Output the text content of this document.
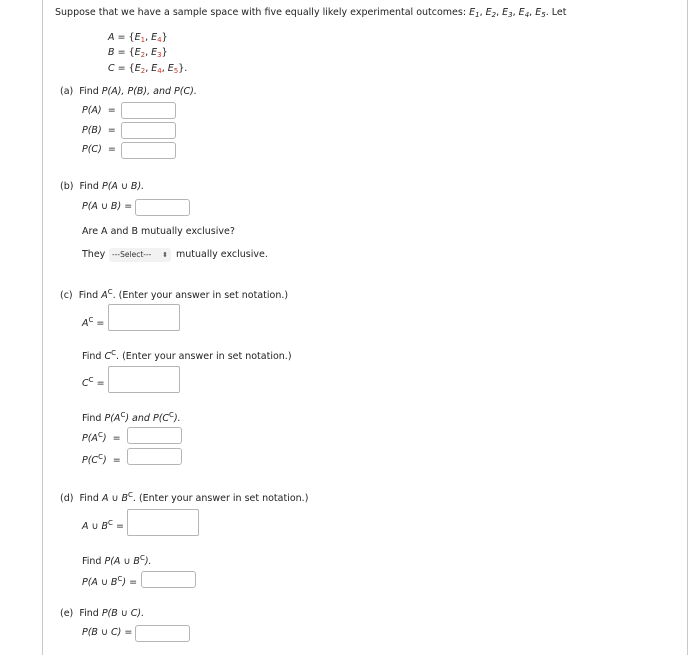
Suppose that we have a sample space with five equally likely experimental outcomes: $E_1$, $E_2$, $E_3$, $E_4$, $E_5$. Let
$A = \{E_1$, $E_4$}
$B = \{E_2$, $E_3$}
$C = \{E_2$, $E_4$, $E_5$}.
(a) Find P(A), P(B), and P(C).
P(A) =
P(B) =
P(C) =
(b) Find P(A ∪ B).
P(A ∪ B) =
Are A and B mutually exclusive?
They ---Select--- ⬍ mutually exclusive.
(c) Find $A^C$. (Enter your answer in set notation.)
$A^C$ =
Find $C^C$. (Enter your answer in set notation.)
$C^C$ =
Find $P(A^C)$ and $P(C^C)$.
$P(A^C)$ =
$P(C^C)$ =
(d) Find A ∪ $B^C$. (Enter your answer in set notation.)
A ∪ $B^C$ =
Find P(A ∪ $B^C$).
P(A ∪ $B^C$) =
(e) Find P(B ∪ C).
P(B ∪ C) =
